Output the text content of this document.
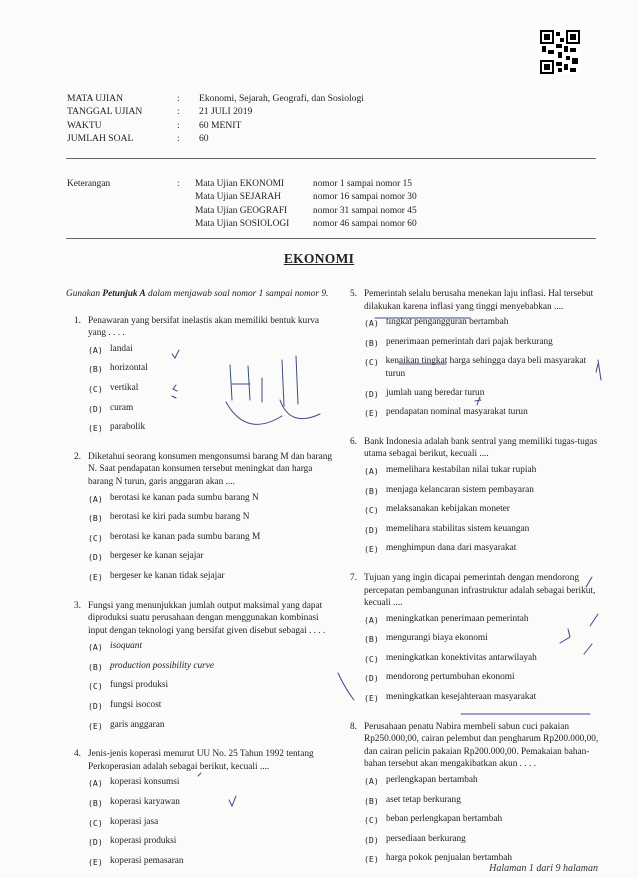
MATA UJIAN	:	Ekonomi, Sejarah, Geografi, dan Sosiologi
TANGGAL UJIAN	:	21 JULI 2019
WAKTU	:	60 MENIT
JUMLAH SOAL	:	60
Keterangan	:	Mata Ujian EKONOMI	nomor 1 sampai nomor 15
Mata Ujian SEJARAH	nomor 16 sampai nomor 30
Mata Ujian GEOGRAFI	nomor 31 sampai nomor 45
Mata Ujian SOSIOLOGI	nomor 46 sampai nomor 60
EKONOMI
Gunakan Petunjuk A dalam menjawab soal nomor 1 sampai nomor 9.
1. Penawaran yang bersifat inelastis akan memiliki bentuk kurva yang . . . .
(A) landai
(B) horizontal
(C) vertikal
(D) curam
(E) parabolik
2. Diketahui seorang konsumen mengonsumsi barang M dan barang N. Saat pendapatan konsumen tersebut meningkat dan harga barang N turun, garis anggaran akan ....
(A) berotasi ke kanan pada sumbu barang N
(B) berotasi ke kiri pada sumbu barang N
(C) berotasi ke kanan pada sumbu barang M
(D) bergeser ke kanan sejajar
(E) bergeser ke kanan tidak sejajar
3. Fungsi yang menunjukkan jumlah output maksimal yang dapat diproduksi suatu perusahaan dengan menggunakan kombinasi input dengan teknologi yang bersifat given disebut sebagai . . . .
(A) isoquant
(B) production possibility curve
(C) fungsi produksi
(D) fungsi isocost
(E) garis anggaran
4. Jenis-jenis koperasi menurut UU No. 25 Tahun 1992 tentang Perkoperasian adalah sebagai berikut, kecuali ....
(A) koperasi konsumsi
(B) koperasi karyawan
(C) koperasi jasa
(D) koperasi produksi
(E) koperasi pemasaran
5. Pemerintah selalu berusaha menekan laju inflasi. Hal tersebut dilakukan karena inflasi yang tinggi menyebabkan ....
(A) tingkat pengangguran bertambah
(B) penerimaan pemerintah dari pajak berkurang
(C) kenaikan tingkat harga sehingga daya beli masyarakat turun
(D) jumlah uang beredar turun
(E) pendapatan nominal masyarakat turun
6. Bank Indonesia adalah bank sentral yang memiliki tugas-tugas utama sebagai berikut, kecuali ....
(A) memelihara kestabilan nilai tukar rupiah
(B) menjaga kelancaran sistem pembayaran
(C) melaksanakan kebijakan moneter
(D) memelihara stabilitas sistem keuangan
(E) menghimpun dana dari masyarakat
7. Tujuan yang ingin dicapai pemerintah dengan mendorong percepatan pembangunan infrastruktur adalah sebagai berikut, kecuali ....
(A) meningkatkan penerimaan pemerintah
(B) mengurangi biaya ekonomi
(C) meningkatkan konektivitas antarwilayah
(D) mendorong pertumbuhan ekonomi
(E) meningkatkan kesejahteraan masyarakat
8. Perusahaan penatu Nabira membeli sabun cuci pakaian Rp250.000,00, cairan pelembut dan pengharum Rp200.000,00, dan cairan pelicin pakaian Rp200.000,00. Pemakaian bahan-bahan tersebut akan mengakibatkan akun . . . .
(A) perlengkapan bertambah
(B) aset tetap berkurang
(C) beban perlengkapan bertambah
(D) persediaan berkurang
(E) harga pokok penjualan bertambah
Halaman 1 dari 9 halaman
